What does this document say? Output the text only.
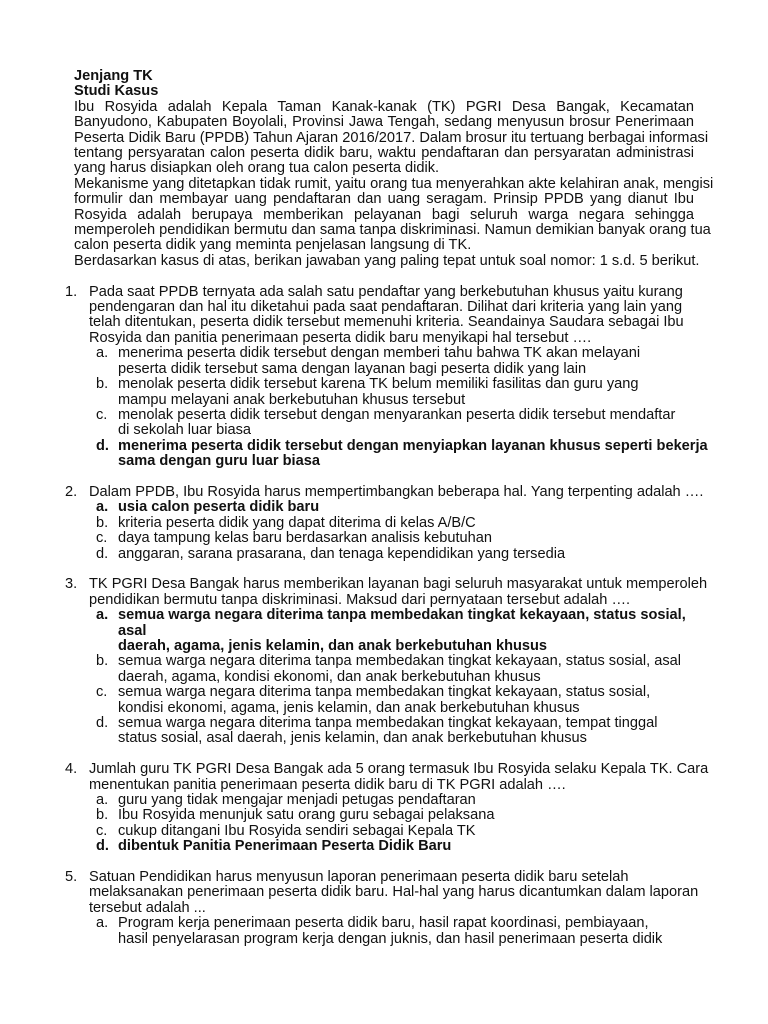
Jenjang TK
Studi Kasus
Ibu Rosyida adalah Kepala Taman Kanak-kanak (TK) PGRI Desa Bangak, Kecamatan
Banyudono, Kabupaten Boyolali, Provinsi Jawa Tengah, sedang menyusun brosur Penerimaan
Peserta Didik Baru (PPDB) Tahun Ajaran 2016/2017. Dalam brosur itu tertuang berbagai informasi
tentang persyaratan calon peserta didik baru, waktu pendaftaran dan persyaratan administrasi
yang harus disiapkan oleh orang tua calon peserta didik.
Mekanisme yang ditetapkan tidak rumit, yaitu orang tua menyerahkan akte kelahiran anak, mengisi
formulir dan membayar uang pendaftaran dan uang seragam. Prinsip PPDB yang dianut Ibu
Rosyida adalah berupaya memberikan pelayanan bagi seluruh warga negara sehingga
memperoleh pendidikan bermutu dan sama tanpa diskriminasi. Namun demikian banyak orang tua
calon peserta didik yang meminta penjelasan langsung di TK.
Berdasarkan kasus di atas, berikan jawaban yang paling tepat untuk soal nomor: 1 s.d. 5 berikut.
1. Pada saat PPDB ternyata ada salah satu pendaftar yang berkebutuhan khusus yaitu kurang
pendengaran dan hal itu diketahui pada saat pendaftaran. Dilihat dari kriteria yang lain yang
telah ditentukan, peserta didik tersebut memenuhi kriteria. Seandainya Saudara sebagai Ibu
Rosyida dan panitia penerimaan peserta didik baru menyikapi hal tersebut ….
a. menerima peserta didik tersebut dengan memberi tahu bahwa TK akan melayani
peserta didik tersebut sama dengan layanan bagi peserta didik yang lain
b. menolak peserta didik tersebut karena TK belum memiliki fasilitas dan guru yang
mampu melayani anak berkebutuhan khusus tersebut
c. menolak peserta didik tersebut dengan menyarankan peserta didik tersebut mendaftar
di sekolah luar biasa
d. menerima peserta didik tersebut dengan menyiapkan layanan khusus seperti bekerja
sama dengan guru luar biasa
2. Dalam PPDB, Ibu Rosyida harus mempertimbangkan beberapa hal. Yang terpenting adalah ….
a. usia calon peserta didik baru
b. kriteria peserta didik yang dapat diterima di kelas A/B/C
c. daya tampung kelas baru berdasarkan analisis kebutuhan
d. anggaran, sarana prasarana, dan tenaga kependidikan yang tersedia
3. TK PGRI Desa Bangak harus memberikan layanan bagi seluruh masyarakat untuk memperoleh
pendidikan bermutu tanpa diskriminasi. Maksud dari pernyataan tersebut adalah ….
a. semua warga negara diterima tanpa membedakan tingkat kekayaan, status sosial,
asal
daerah, agama, jenis kelamin, dan anak berkebutuhan khusus
b. semua warga negara diterima tanpa membedakan tingkat kekayaan, status sosial, asal
daerah, agama, kondisi ekonomi, dan anak berkebutuhan khusus
c. semua warga negara diterima tanpa membedakan tingkat kekayaan, status sosial,
kondisi ekonomi, agama, jenis kelamin, dan anak berkebutuhan khusus
d. semua warga negara diterima tanpa membedakan tingkat kekayaan, tempat tinggal
status sosial, asal daerah, jenis kelamin, dan anak berkebutuhan khusus
4. Jumlah guru TK PGRI Desa Bangak ada 5 orang termasuk Ibu Rosyida selaku Kepala TK. Cara
menentukan panitia penerimaan peserta didik baru di TK PGRI adalah ….
a. guru yang tidak mengajar menjadi petugas pendaftaran
b. Ibu Rosyida menunjuk satu orang guru sebagai pelaksana
c. cukup ditangani Ibu Rosyida sendiri sebagai Kepala TK
d. dibentuk Panitia Penerimaan Peserta Didik Baru
5. Satuan Pendidikan harus menyusun laporan penerimaan peserta didik baru setelah
melaksanakan penerimaan peserta didik baru. Hal-hal yang harus dicantumkan dalam laporan
tersebut adalah ...
a. Program kerja penerimaan peserta didik baru, hasil rapat koordinasi, pembiayaan,
hasil penyelarasan program kerja dengan juknis, dan hasil penerimaan peserta didik
